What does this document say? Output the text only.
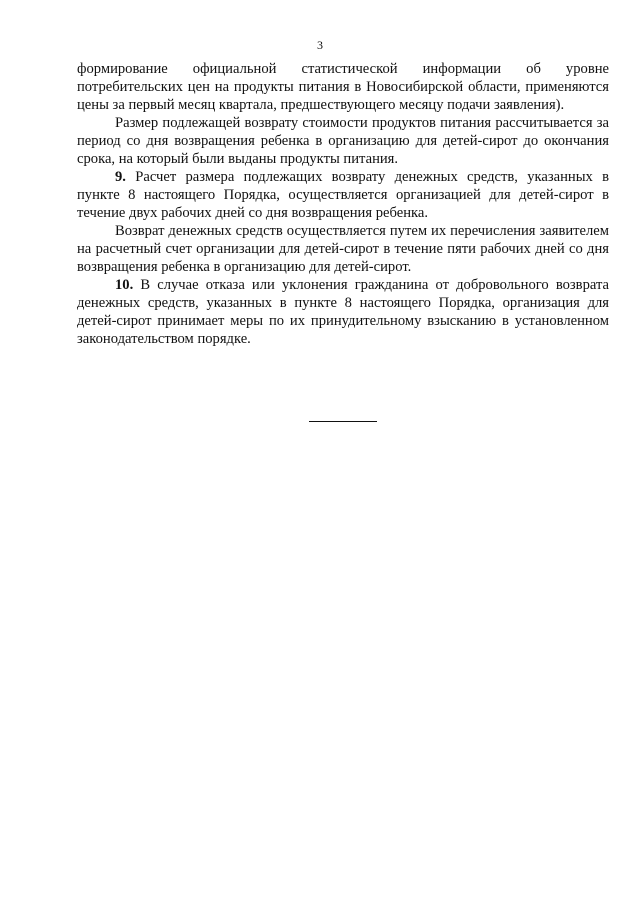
3

формирование официальной статистической информации об уровне потребительских цен на продукты питания в Новосибирской области, применяются цены за первый месяц квартала, предшествующего месяцу подачи заявления).

Размер подлежащей возврату стоимости продуктов питания рассчитывается за период со дня возвращения ребенка в организацию для детей-сирот до окончания срока, на который были выданы продукты питания.

9. Расчет размера подлежащих возврату денежных средств, указанных в пункте 8 настоящего Порядка, осуществляется организацией для детей-сирот в течение двух рабочих дней со дня возвращения ребенка.

Возврат денежных средств осуществляется путем их перечисления заявителем на расчетный счет организации для детей-сирот в течение пяти рабочих дней со дня возвращения ребенка в организацию для детей-сирот.

10. В случае отказа или уклонения гражданина от добровольного возврата денежных средств, указанных в пункте 8 настоящего Порядка, организация для детей-сирот принимает меры по их принудительному взысканию в установленном законодательством порядке.
